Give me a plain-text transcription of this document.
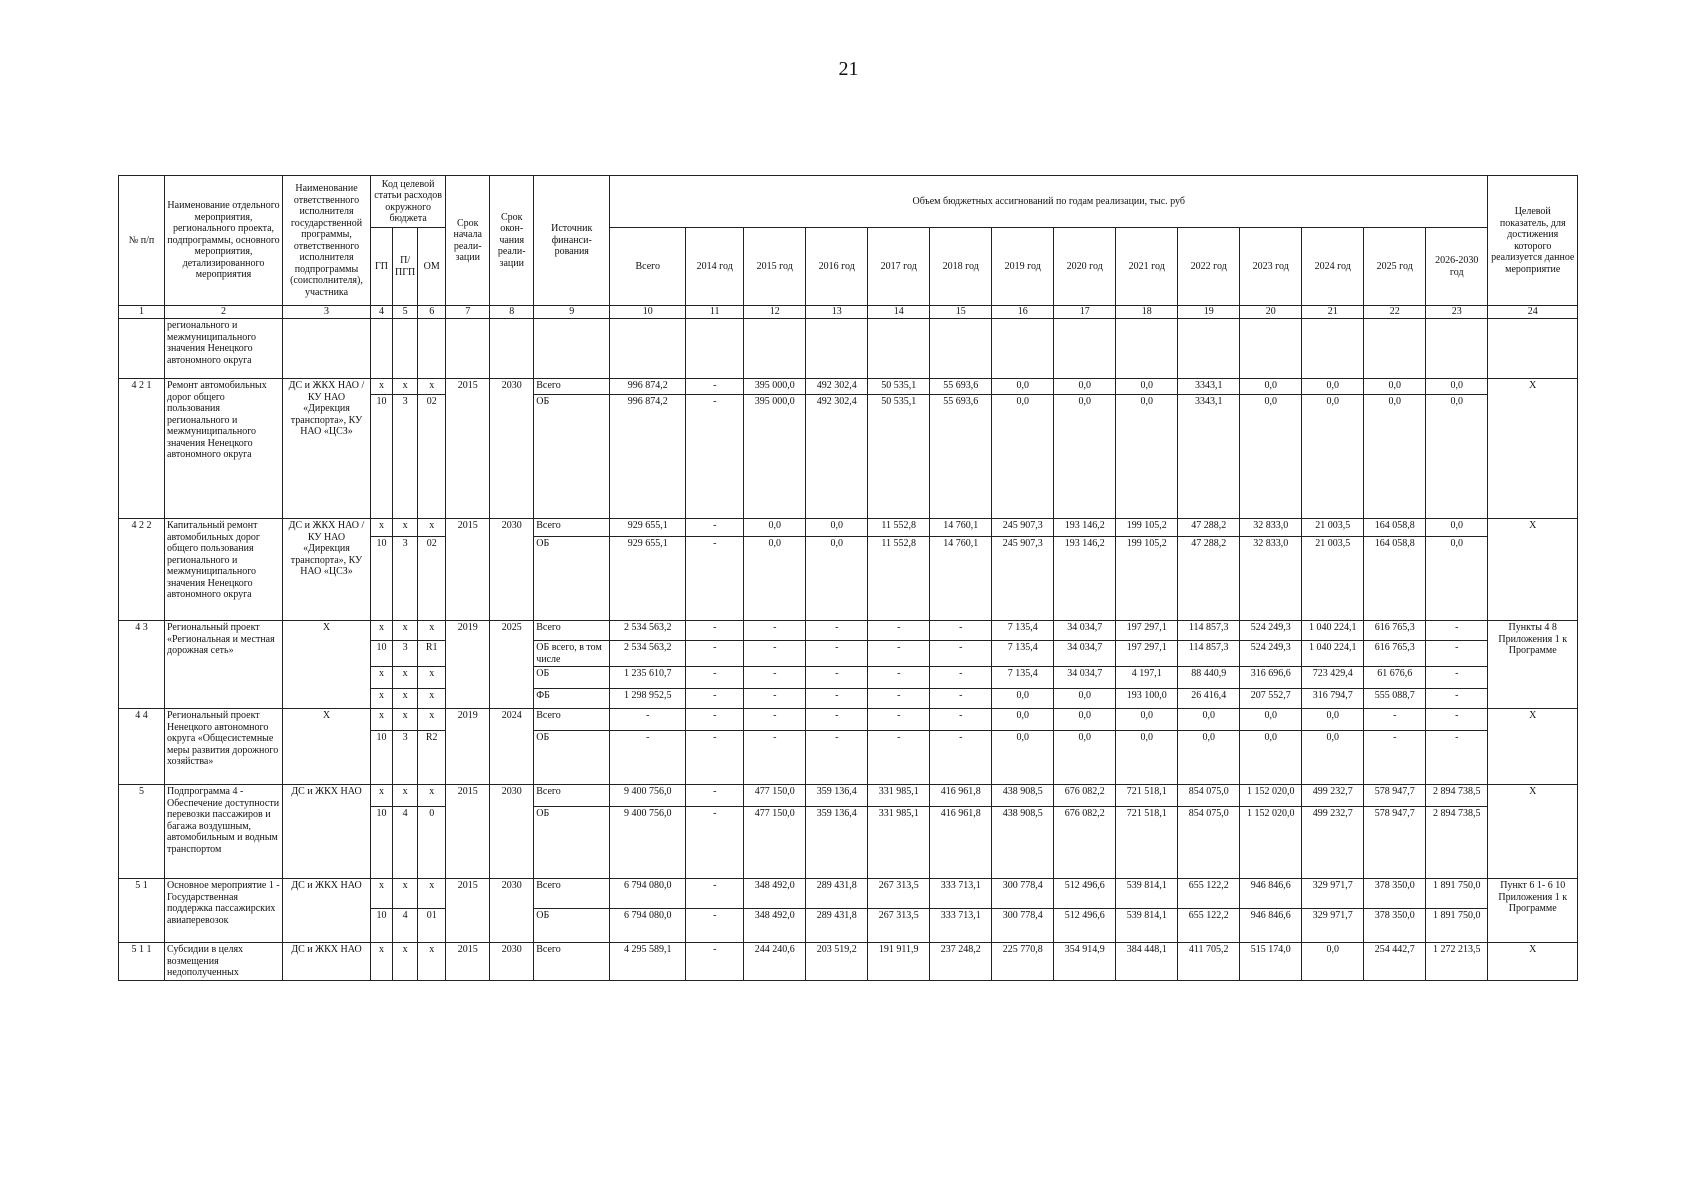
21
№ п/п	Наименование отдельного мероприятия, регионального проекта, подпрограммы, основного мероприятия, детализированного мероприятия	Наименование ответственного исполнителя государственной программы, ответственного исполнителя подпрограммы (соисполнителя), участника	Код целевой статьи расходов окружного бюджета			Срок начала реали- зации	Срок окон- чания реали- зации	Источник финанси- рования	Объем бюджетных ассигнований по годам реализации, тыс. руб														Целевой показатель, для достижения которого реализуется данное мероприятие
			ГП	П/ПГП	ОМ				Всего	2014 год	2015 год	2016 год	2017 год	2018 год	2019 год	2020 год	2021 год	2022 год	2023 год	2024 год	2025 год	2026-2030 год	
1	2	3	4	5	6	7	8	9	10	11	12	13	14	15	16	17	18	19	20	21	22	23	24
	регионального и межмуниципального значения Ненецкого автономного округа																						
4 2 1	Ремонт автомобильных дорог общего пользования регионального и межмуниципального значения Ненецкого автономного округа	ДС и ЖКХ НАО /КУ НАО «Дирекция транспорта», КУ НАО «ЦСЗ»	х	х	х	2015	2030	Всего	996 874,2	-	395 000,0	492 302,4	50 535,1	55 693,6	0,0	0,0	0,0	3343,1	0,0	0,0	0,0	0,0	Х
			10	3	02			ОБ	996 874,2	-	395 000,0	492 302,4	50 535,1	55 693,6	0,0	0,0	0,0	3343,1	0,0	0,0	0,0	0,0	
4 2 2	Капитальный ремонт автомобильных дорог общего пользования регионального и межмуниципального значения Ненецкого автономного округа	ДС и ЖКХ НАО /КУ НАО «Дирекция транспорта», КУ НАО «ЦСЗ»	х	х	х	2015	2030	Всего	929 655,1	-	0,0	0,0	11 552,8	14 760,1	245 907,3	193 146,2	199 105,2	47 288,2	32 833,0	21 003,5	164 058,8	0,0	Х
			10	3	02			ОБ	929 655,1	-	0,0	0,0	11 552,8	14 760,1	245 907,3	193 146,2	199 105,2	47 288,2	32 833,0	21 003,5	164 058,8	0,0	
4 3	Региональный проект «Региональная и местная дорожная сеть»	Х	х	х	х	2019	2025	Всего	2 534 563,2	-	-	-	-	-	7 135,4	34 034,7	197 297,1	114 857,3	524 249,3	1 040 224,1	616 765,3	-	Пункты 4 8 Приложения 1 к Программе
			10	3	R1			ОБ всего, в том числе	2 534 563,2	-	-	-	-	-	7 135,4	34 034,7	197 297,1	114 857,3	524 249,3	1 040 224,1	616 765,3	-	
			х	х	х			ОБ	1 235 610,7	-	-	-	-	-	7 135,4	34 034,7	4 197,1	88 440,9	316 696,6	723 429,4	61 676,6	-	
			х	х	х			ФБ	1 298 952,5	-	-	-	-	-	0,0	0,0	193 100,0	26 416,4	207 552,7	316 794,7	555 088,7	-	
4 4	Региональный проект Ненецкого автономного округа «Общесистемные меры развития дорожного хозяйства»	Х	х	х	х	2019	2024	Всего	-	-	-	-	-	-	0,0	0,0	0,0	0,0	0,0	0,0	-	-	Х
			10	3	R2			ОБ	-	-	-	-	-	-	0,0	0,0	0,0	0,0	0,0	0,0	-	-	
5	Подпрограмма 4 - Обеспечение доступности перевозки пассажиров и багажа воздушным, автомобильным и водным транспортом	ДС и ЖКХ НАО	х	х	х	2015	2030	Всего	9 400 756,0	-	477 150,0	359 136,4	331 985,1	416 961,8	438 908,5	676 082,2	721 518,1	854 075,0	1 152 020,0	499 232,7	578 947,7	2 894 738,5	Х
			10	4	0			ОБ	9 400 756,0	-	477 150,0	359 136,4	331 985,1	416 961,8	438 908,5	676 082,2	721 518,1	854 075,0	1 152 020,0	499 232,7	578 947,7	2 894 738,5	
5 1	Основное мероприятие 1 - Государственная поддержка пассажирских авиаперевозок	ДС и ЖКХ НАО	х	х	х	2015	2030	Всего	6 794 080,0	-	348 492,0	289 431,8	267 313,5	333 713,1	300 778,4	512 496,6	539 814,1	655 122,2	946 846,6	329 971,7	378 350,0	1 891 750,0	Пункт 6 1- 6 10 Приложения 1 к Программе
			10	4	01			ОБ	6 794 080,0	-	348 492,0	289 431,8	267 313,5	333 713,1	300 778,4	512 496,6	539 814,1	655 122,2	946 846,6	329 971,7	378 350,0	1 891 750,0	
5 1 1	Субсидии в целях возмещения недополученных	ДС и ЖКХ НАО	х	х	х	2015	2030	Всего	4 295 589,1	-	244 240,6	203 519,2	191 911,9	237 248,2	225 770,8	354 914,9	384 448,1	411 705,2	515 174,0	0,0	254 442,7	1 272 213,5	Х
